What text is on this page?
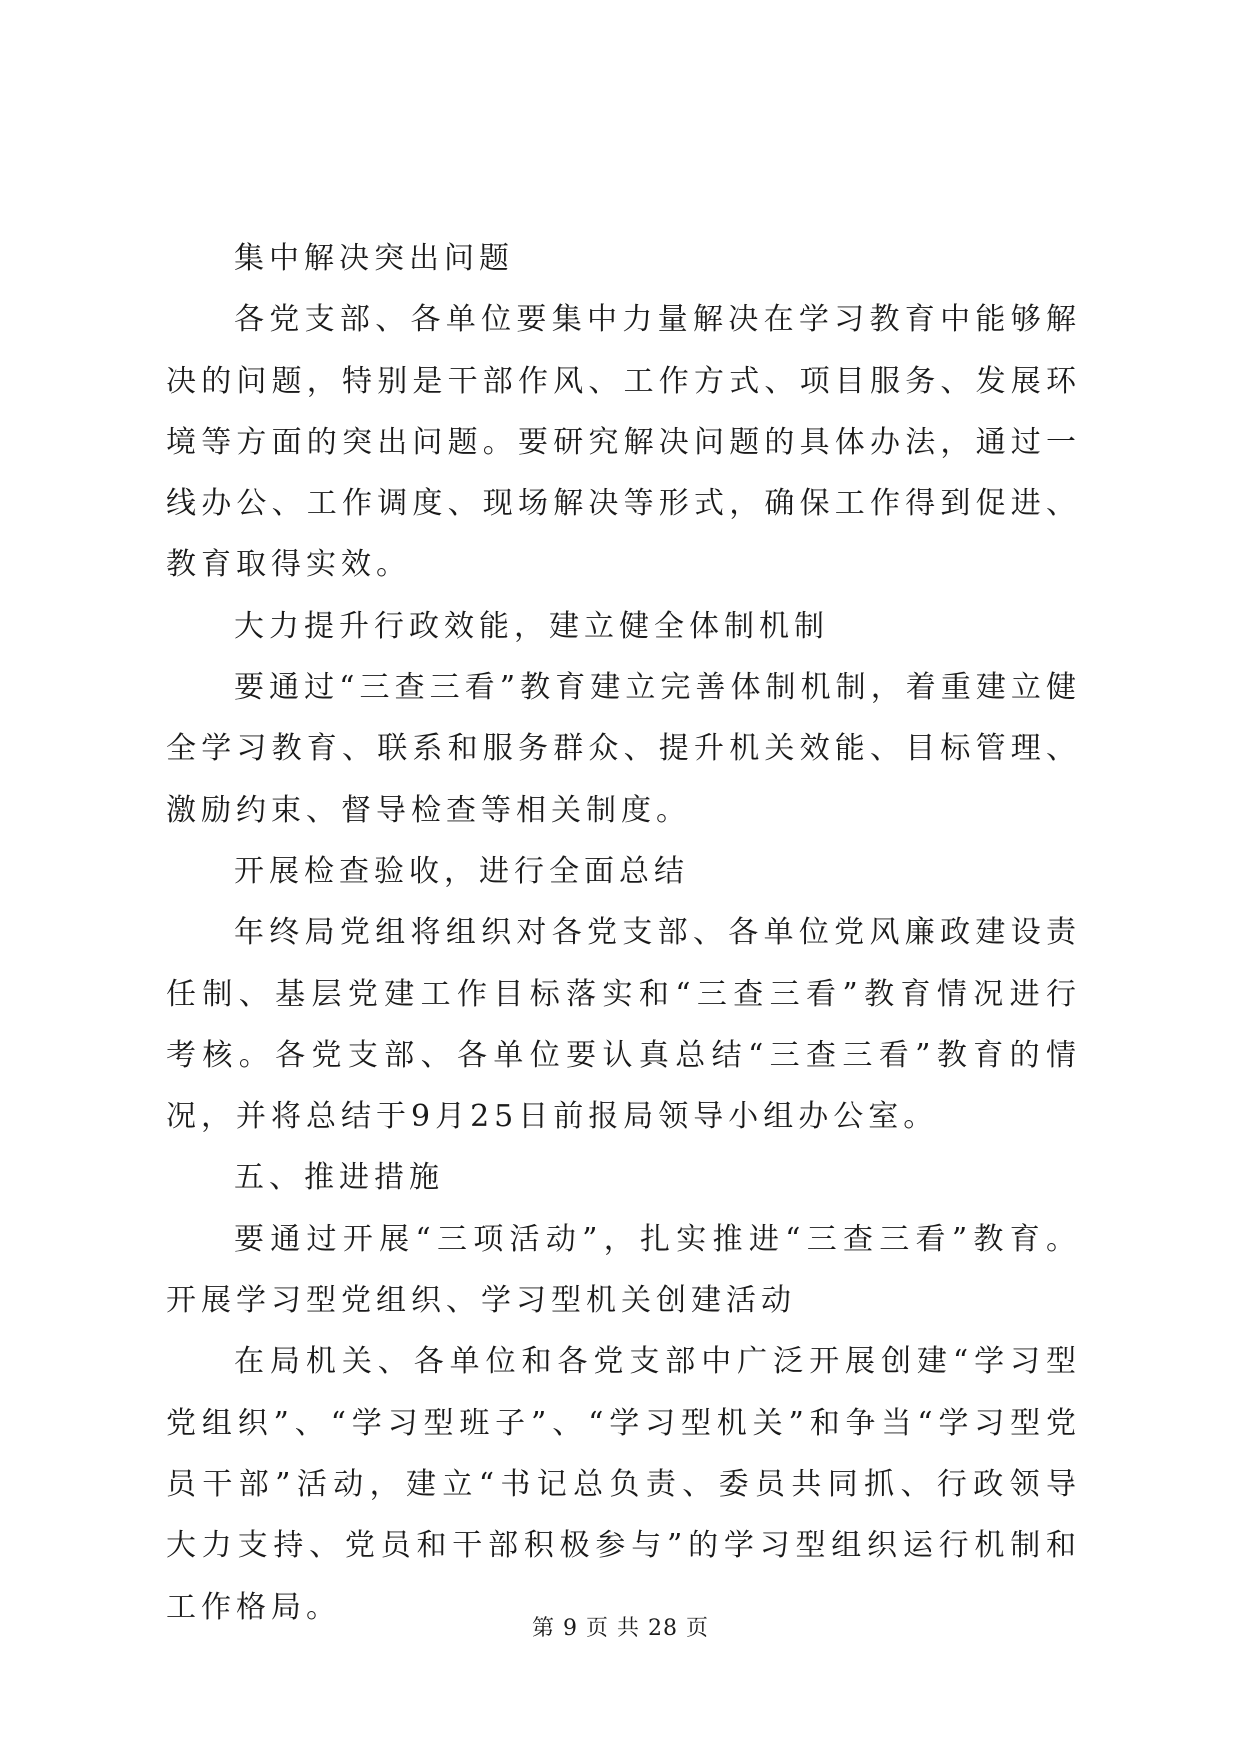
集中解决突出问题

各党支部、各单位要集中力量解决在学习教育中能够解决的问题，特别是干部作风、工作方式、项目服务、发展环境等方面的突出问题。要研究解决问题的具体办法，通过一线办公、工作调度、现场解决等形式，确保工作得到促进、教育取得实效。

大力提升行政效能，建立健全体制机制

要通过“三查三看”教育建立完善体制机制，着重建立健全学习教育、联系和服务群众、提升机关效能、目标管理、激励约束、督导检查等相关制度。

开展检查验收，进行全面总结

年终局党组将组织对各党支部、各单位党风廉政建设责任制、基层党建工作目标落实和“三查三看”教育情况进行考核。各党支部、各单位要认真总结“三查三看”教育的情况，并将总结于9月25日前报局领导小组办公室。

五、推进措施

要通过开展“三项活动”，扎实推进“三查三看”教育。开展学习型党组织、学习型机关创建活动

在局机关、各单位和各党支部中广泛开展创建“学习型党组织”、“学习型班子”、“学习型机关”和争当“学习型党员干部”活动，建立“书记总负责、委员共同抓、行政领导大力支持、党员和干部积极参与”的学习型组织运行机制和工作格局。

第 9 页 共 28 页
